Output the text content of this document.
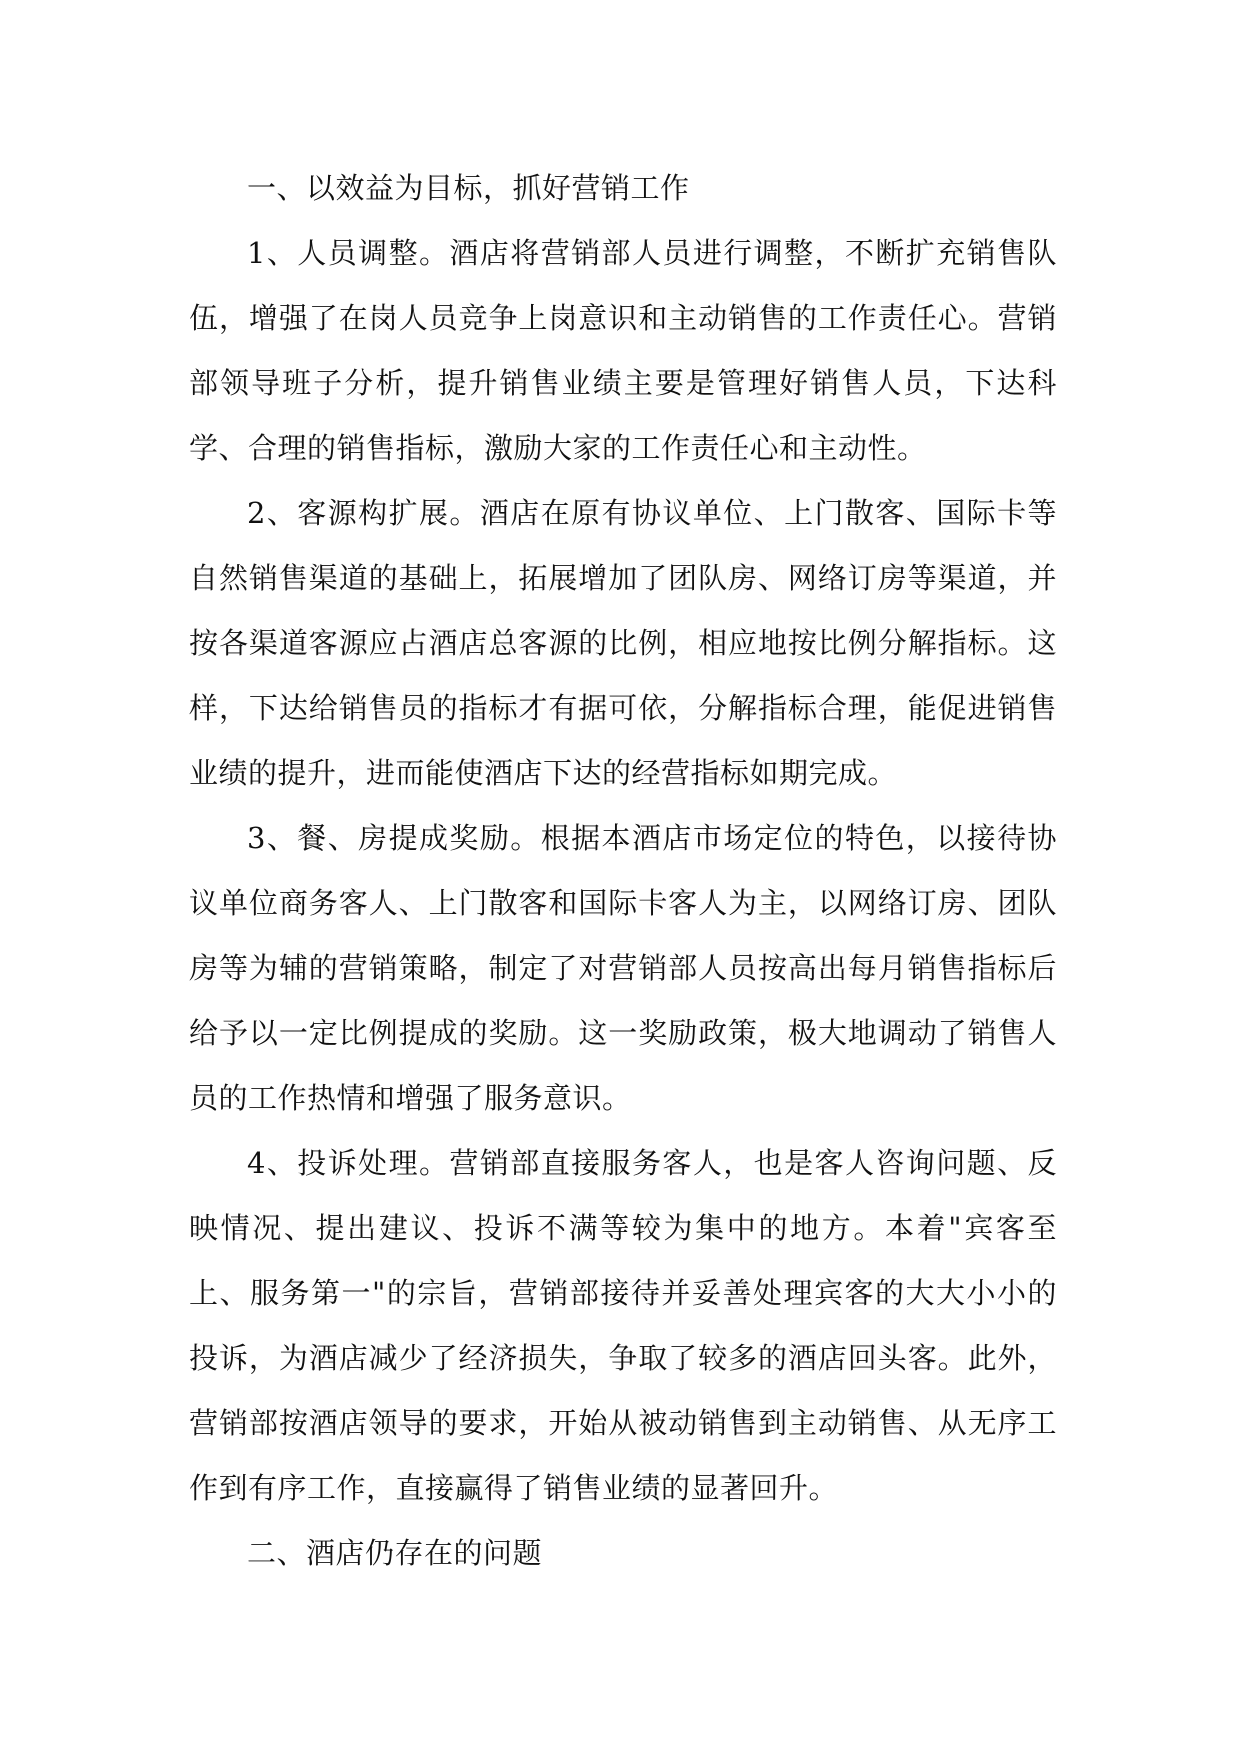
一、以效益为目标，抓好营销工作

1、人员调整。酒店将营销部人员进行调整，不断扩充销售队伍，增强了在岗人员竞争上岗意识和主动销售的工作责任心。营销部领导班子分析，提升销售业绩主要是管理好销售人员，下达科学、合理的销售指标，激励大家的工作责任心和主动性。

2、客源构扩展。酒店在原有协议单位、上门散客、国际卡等自然销售渠道的基础上，拓展增加了团队房、网络订房等渠道，并按各渠道客源应占酒店总客源的比例，相应地按比例分解指标。这样，下达给销售员的指标才有据可依，分解指标合理，能促进销售业绩的提升，进而能使酒店下达的经营指标如期完成。

3、餐、房提成奖励。根据本酒店市场定位的特色，以接待协议单位商务客人、上门散客和国际卡客人为主，以网络订房、团队房等为辅的营销策略，制定了对营销部人员按高出每月销售指标后给予以一定比例提成的奖励。这一奖励政策，极大地调动了销售人员的工作热情和增强了服务意识。

4、投诉处理。营销部直接服务客人，也是客人咨询问题、反映情况、提出建议、投诉不满等较为集中的地方。本着"宾客至上、服务第一"的宗旨，营销部接待并妥善处理宾客的大大小小的投诉，为酒店减少了经济损失，争取了较多的酒店回头客。此外，营销部按酒店领导的要求，开始从被动销售到主动销售、从无序工作到有序工作，直接赢得了销售业绩的显著回升。

二、酒店仍存在的问题
